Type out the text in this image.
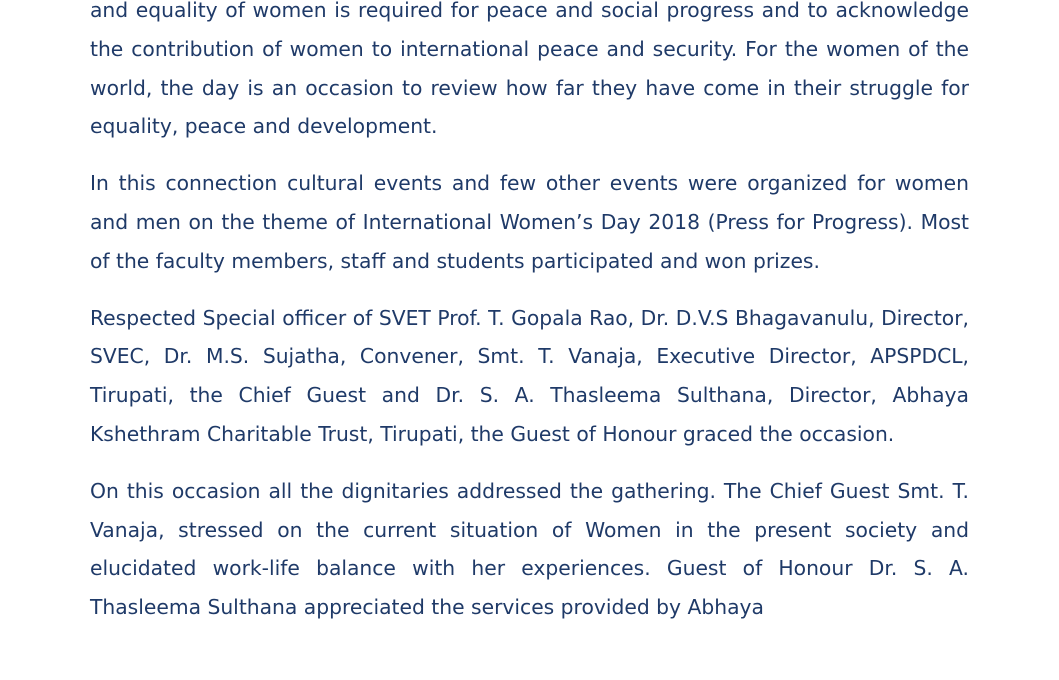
and equality of women is required for peace and social progress and to acknowledge the contribution of women to international peace and security. For the women of the world, the day is an occasion to review how far they have come in their struggle for equality, peace and development.

In this connection cultural events and few other events were organized for women and men on the theme of International Women’s Day 2018 (Press for Progress). Most of the faculty members, staff and students participated and won prizes.

Respected Special officer of SVET Prof. T. Gopala Rao, Dr. D.V.S Bhagavanulu, Director, SVEC, Dr. M.S. Sujatha, Convener, Smt. T. Vanaja, Executive Director, APSPDCL, Tirupati, the Chief Guest and Dr. S. A. Thasleema Sulthana, Director, Abhaya Kshethram Charitable Trust, Tirupati, the Guest of Honour graced the occasion.

On this occasion all the dignitaries addressed the gathering. The Chief Guest Smt. T. Vanaja, stressed on the current situation of Women in the present society and elucidated work-life balance with her experiences. Guest of Honour Dr. S. A. Thasleema Sulthana appreciated the services provided by Abhaya
